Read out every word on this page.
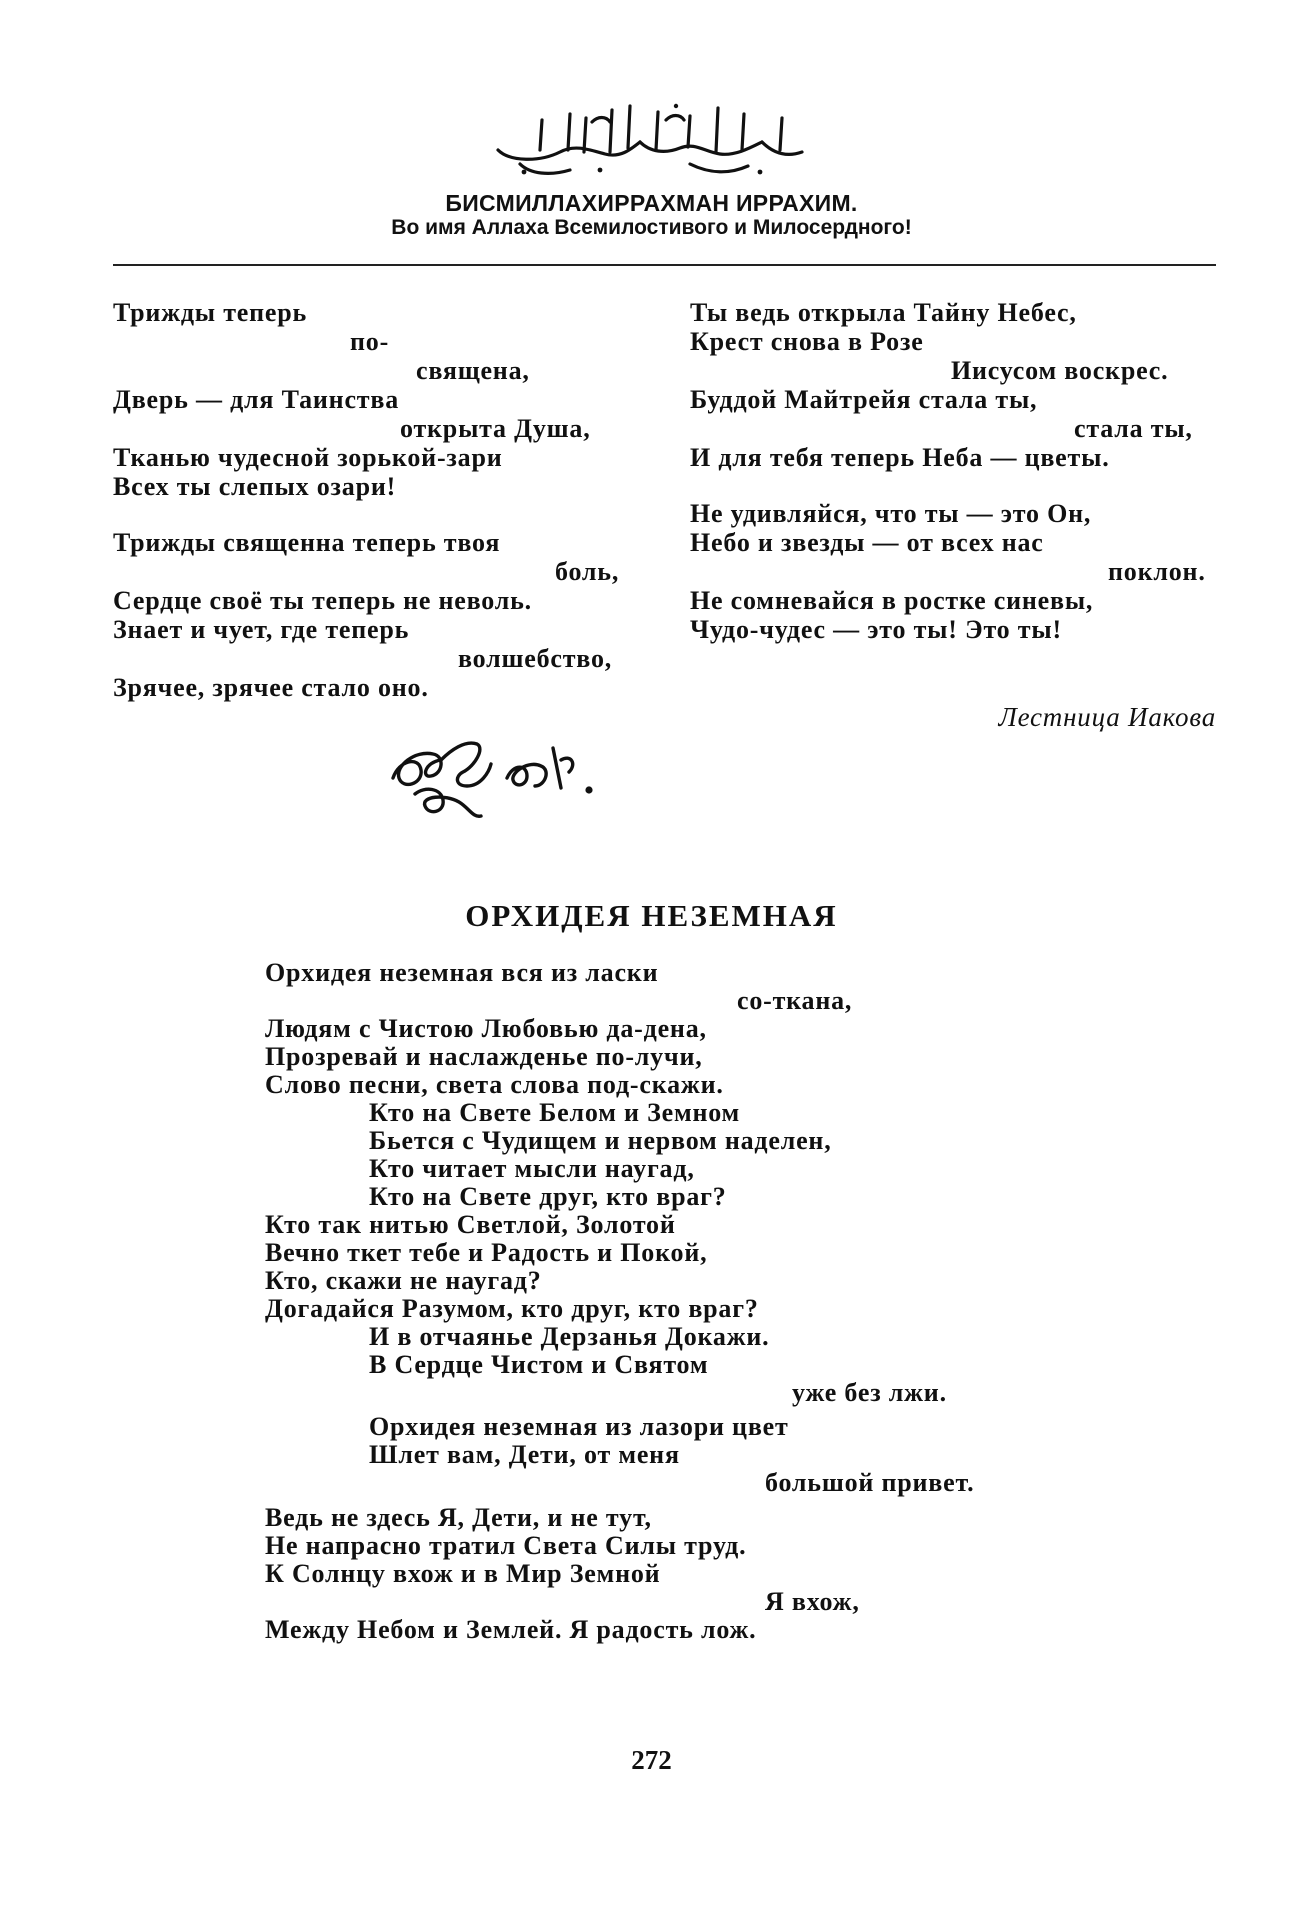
БИСМИЛЛАХИРРАХМАН ИРРАХИМ.
Во имя Аллаха Всемилостивого и Милосердного!
Трижды теперь
по-
священа,
Дверь — для Таинства
открыта Душа,
Тканью чудесной зорькой-зари
Всех ты слепых озари!
Трижды священна теперь твоя
боль,
Сердце своё ты теперь не неволь.
Знает и чует, где теперь
волшебство,
Зрячее, зрячее стало оно.
Ты ведь открыла Тайну Небес,
Крест снова в Розе
Иисусом воскрес.
Буддой Майтрейя стала ты,
стала ты,
И для тебя теперь Неба — цветы.
Не удивляйся, что ты — это Он,
Небо и звезды — от всех нас
поклон.
Не сомневайся в ростке синевы,
Чудо-чудес — это ты! Это ты!
Лестница Иакова
ОРХИДЕЯ НЕЗЕМНАЯ
Орхидея неземная вся из ласки
со-ткана,
Людям с Чистою Любовью да-дена,
Прозревай и наслажденье по-лучи,
Слово песни, света слова под-скажи.
Кто на Свете Белом и Земном
Бьется с Чудищем и нервом наделен,
Кто читает мысли наугад,
Кто на Свете друг, кто враг?
Кто так нитью Светлой, Золотой
Вечно ткет тебе и Радость и Покой,
Кто, скажи не наугад?
Догадайся Разумом, кто друг, кто враг?
И в отчаянье Дерзанья Докажи.
В Сердце Чистом и Святом
уже без лжи.
Орхидея неземная из лазори цвет
Шлет вам, Дети, от меня
большой привет.
Ведь не здесь Я, Дети, и не тут,
Не напрасно тратил Света Силы труд.
К Солнцу вхож и в Мир Земной
Я вхож,
Между Небом и Землей. Я радость лож.
272
